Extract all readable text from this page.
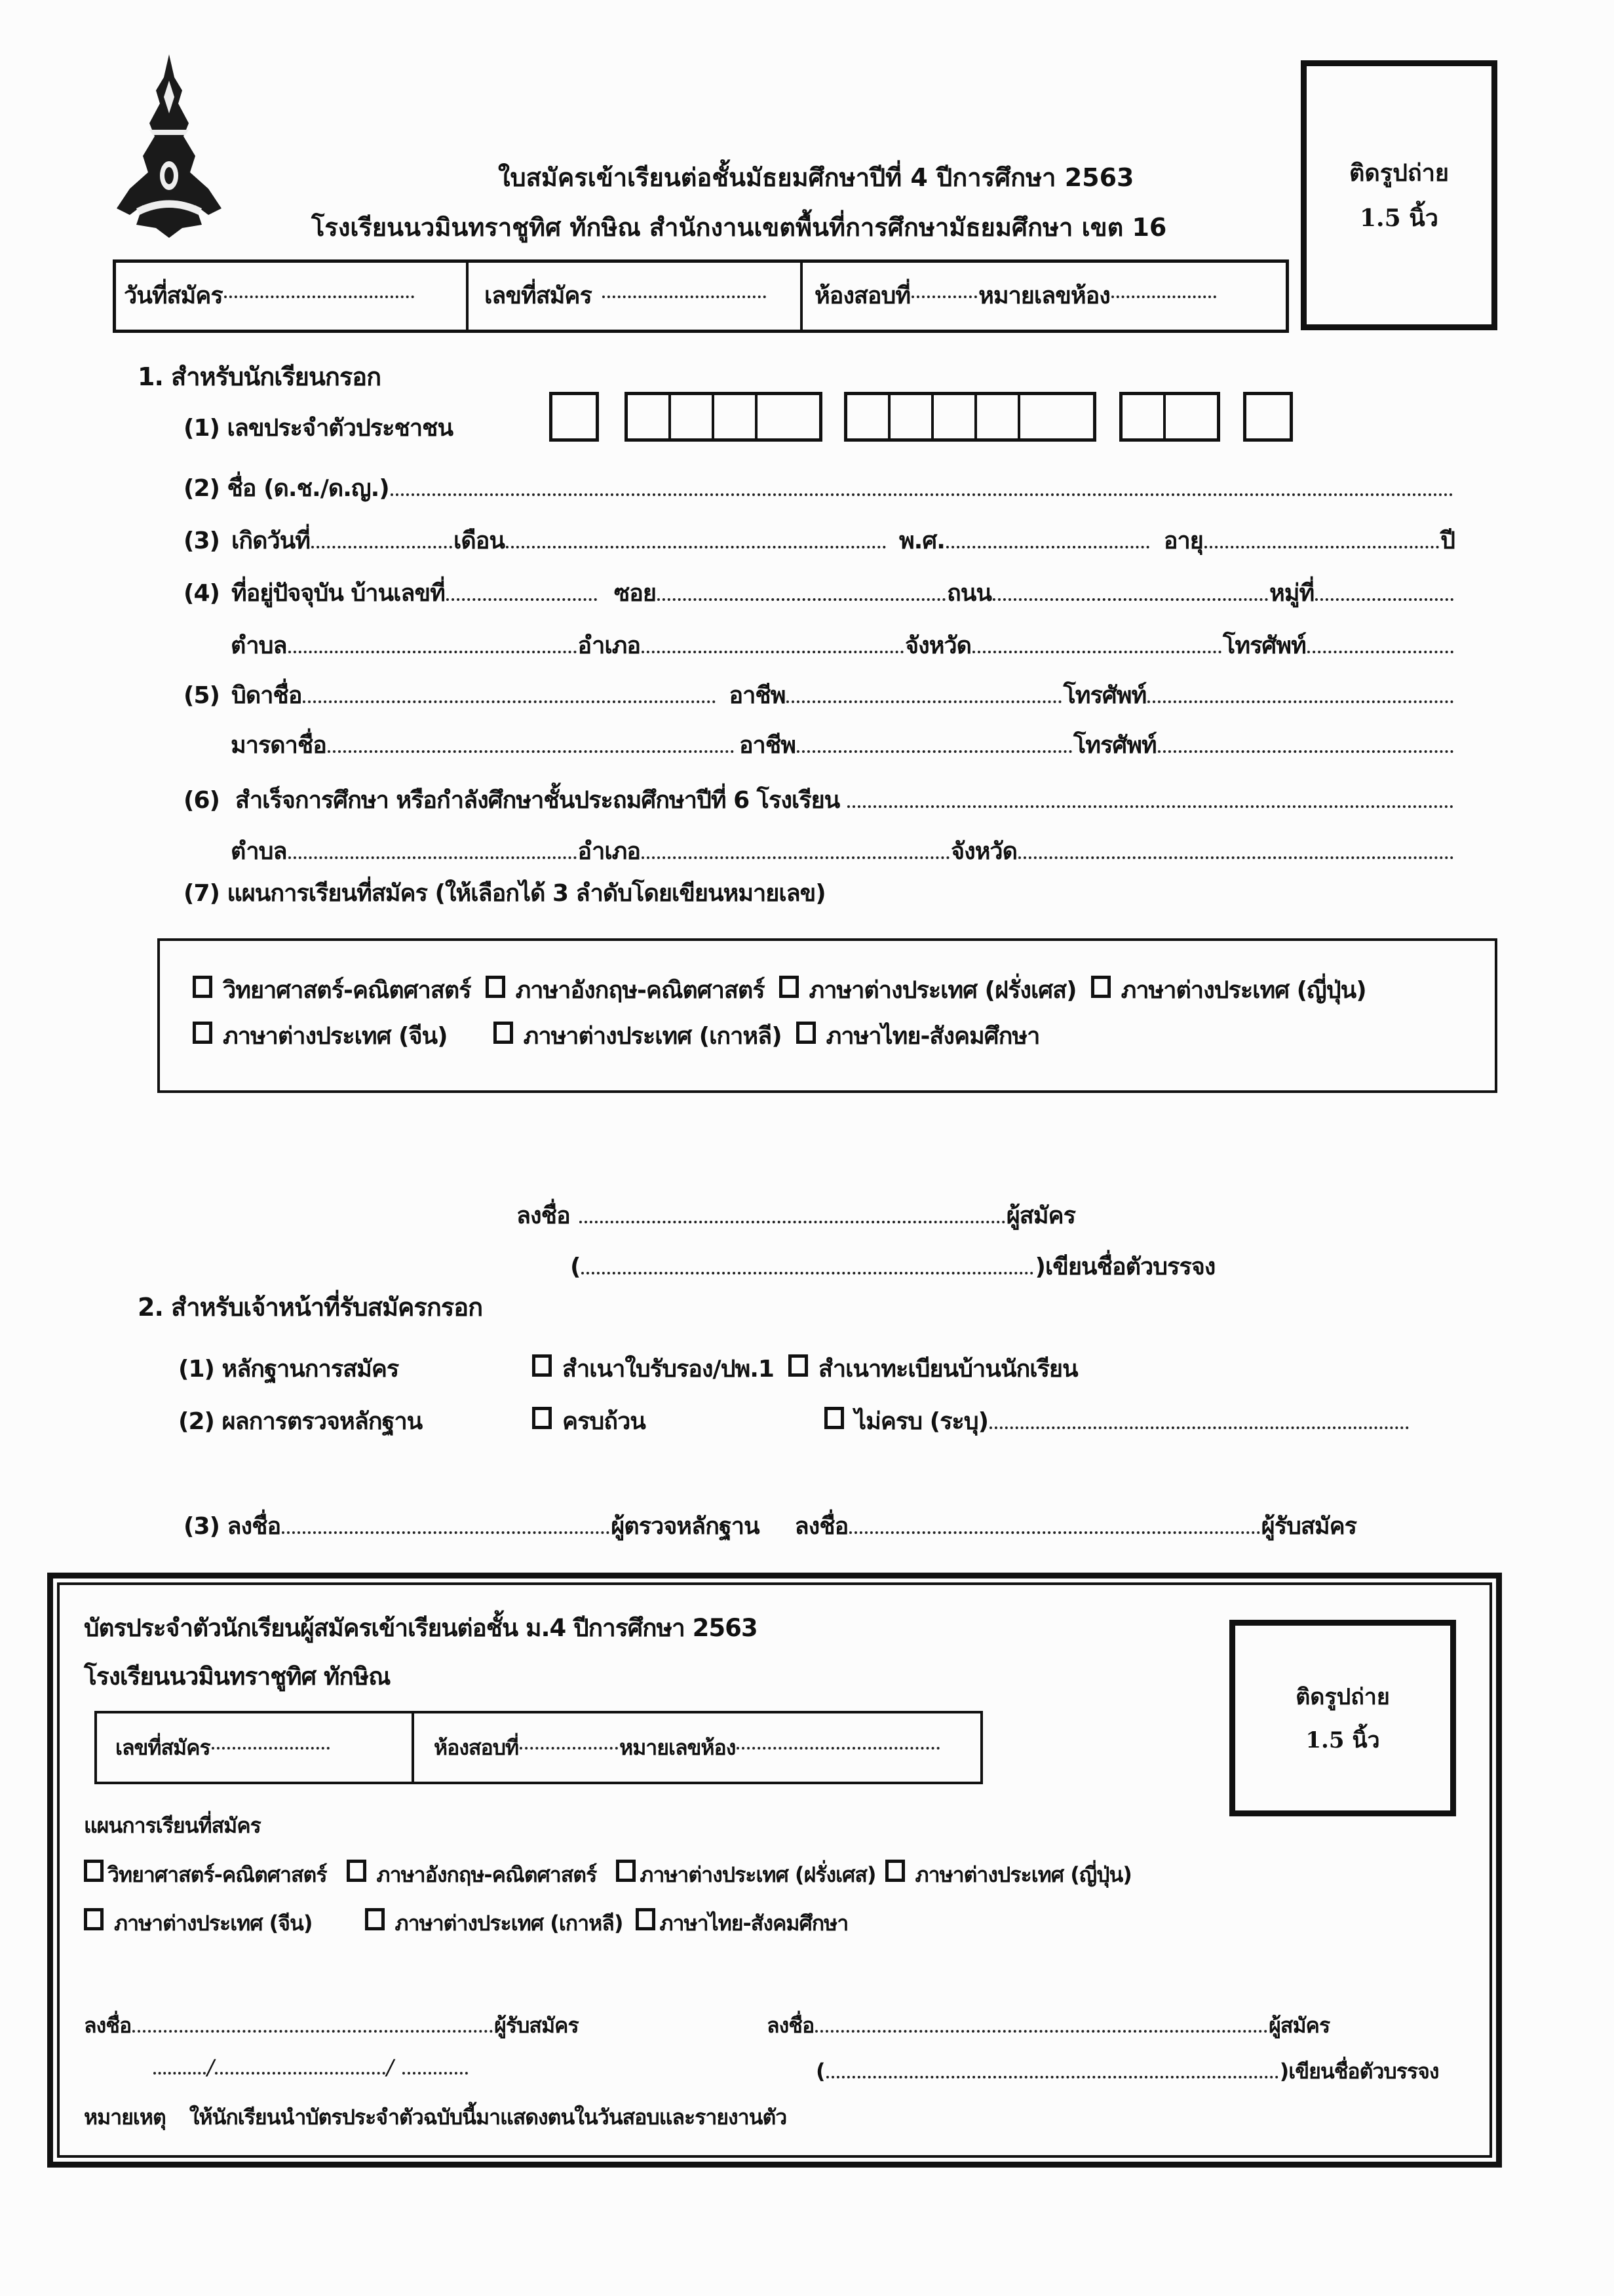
ใบสมัครเข้าเรียนต่อชั้นมัธยมศึกษาปีที่ 4 ปีการศึกษา 2563
โรงเรียนนวมินทราชูทิศ ทักษิณ สำนักงานเขตพื้นที่การศึกษามัธยมศึกษา เขต 16
ติดรูปถ่าย
1.5 นิ้ว
วันที่สมัคร	เลขที่สมัคร	ห้องสอบที่	หมายเลขห้อง
1. สำหรับนักเรียนกรอก
(1) เลขประจำตัวประชาชน
(2) ชื่อ (ด.ช./ด.ญ.)
(3) เกิดวันที่	เดือน	พ.ศ.	อายุ	ปี
(4) ที่อยู่ปัจจุบัน บ้านเลขที่	ซอย	ถนน	หมู่ที่
ตำบล	อำเภอ	จังหวัด	โทรศัพท์
(5) บิดาชื่อ	อาชีพ	โทรศัพท์
มารดาชื่อ	อาชีพ	โทรศัพท์
(6) สำเร็จการศึกษา หรือกำลังศึกษาชั้นประถมศึกษาปีที่ 6 โรงเรียน
ตำบล	อำเภอ	จังหวัด
(7) แผนการเรียนที่สมัคร (ให้เลือกได้ 3 ลำดับโดยเขียนหมายเลข)
วิทยาศาสตร์-คณิตศาสตร์ ภาษาอังกฤษ-คณิตศาสตร์ ภาษาต่างประเทศ (ฝรั่งเศส) ภาษาต่างประเทศ (ญี่ปุ่น)
ภาษาต่างประเทศ (จีน)	ภาษาต่างประเทศ (เกาหลี) ภาษาไทย-สังคมศึกษา
ลงชื่อ	ผู้สมัคร
(	)เขียนชื่อตัวบรรจง
2. สำหรับเจ้าหน้าที่รับสมัครกรอก
(1) หลักฐานการสมัคร	สำเนาใบรับรอง/ปพ.1 สำเนาทะเบียนบ้านนักเรียน
(2) ผลการตรวจหลักฐาน	ครบถ้วน	ไม่ครบ (ระบุ)
(3) ลงชื่อ	ผู้ตรวจหลักฐาน ลงชื่อ	ผู้รับสมัคร
บัตรประจำตัวนักเรียนผู้สมัครเข้าเรียนต่อชั้น ม.4 ปีการศึกษา 2563
โรงเรียนนวมินทราชูทิศ ทักษิณ
เลขที่สมัคร	ห้องสอบที่	หมายเลขห้อง
ติดรูปถ่าย
1.5 นิ้ว
แผนการเรียนที่สมัคร
วิทยาศาสตร์-คณิตศาสตร์ ภาษาอังกฤษ-คณิตศาสตร์ ภาษาต่างประเทศ (ฝรั่งเศส) ภาษาต่างประเทศ (ญี่ปุ่น)
ภาษาต่างประเทศ (จีน)	ภาษาต่างประเทศ (เกาหลี) ภาษาไทย-สังคมศึกษา
ลงชื่อ	ผู้รับสมัคร
/	/
ลงชื่อ	ผู้สมัคร
(	)เขียนชื่อตัวบรรจง
หมายเหตุ ให้นักเรียนนำบัตรประจำตัวฉบับนี้มาแสดงตนในวันสอบและรายงานตัว
